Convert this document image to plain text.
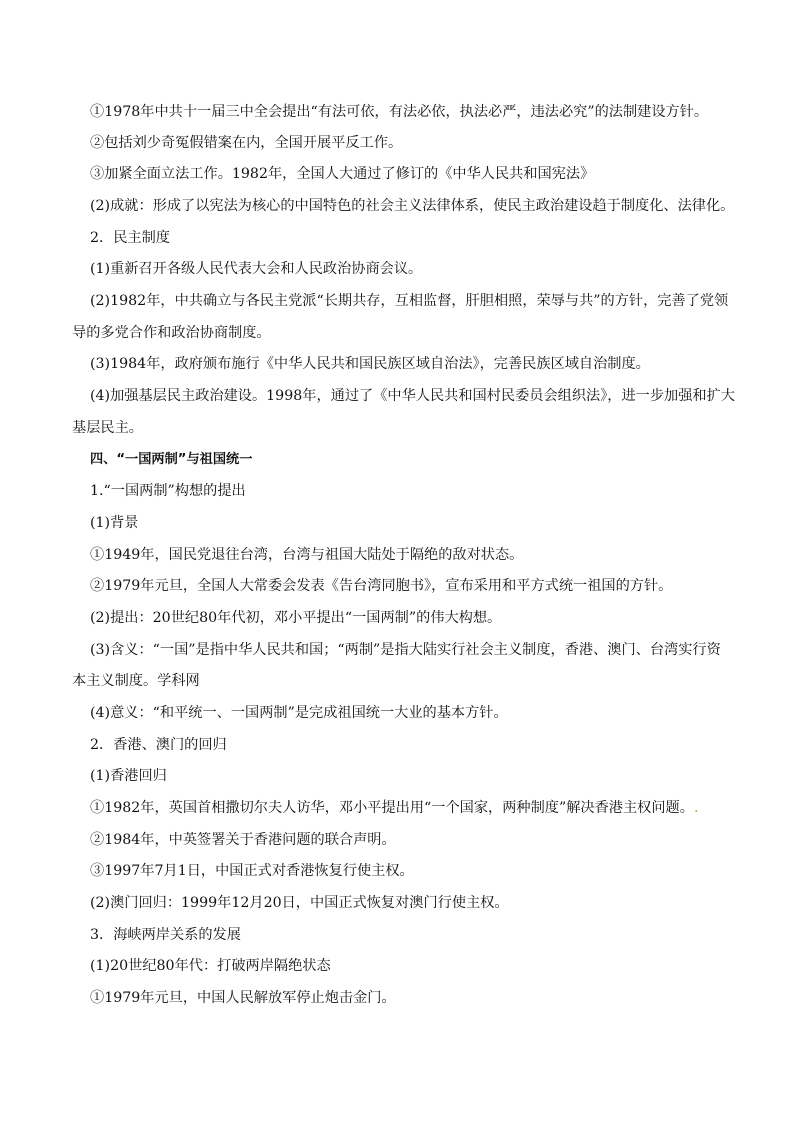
①1978年中共十一届三中全会提出“有法可依，有法必依，执法必严，违法必究”的法制建设方针。
②包括刘少奇冤假错案在内，全国开展平反工作。
③加紧全面立法工作。1982年，全国人大通过了修订的《中华人民共和国宪法》
(2)成就：形成了以宪法为核心的中国特色的社会主义法律体系，使民主政治建设趋于制度化、法律化。
2．民主制度
(1)重新召开各级人民代表大会和人民政治协商会议。
(2)1982年，中共确立与各民主党派“长期共存，互相监督，肝胆相照，荣辱与共”的方针，完善了党领
导的多党合作和政治协商制度。
(3)1984年，政府颁布施行《中华人民共和国民族区域自治法》，完善民族区域自治制度。
(4)加强基层民主政治建设。1998年，通过了《中华人民共和国村民委员会组织法》，进一步加强和扩大
基层民主。
四、“一国两制”与祖国统一
1.“一国两制”构想的提出
(1)背景
①1949年，国民党退往台湾，台湾与祖国大陆处于隔绝的敌对状态。
②1979年元旦，全国人大常委会发表《告台湾同胞书》，宣布采用和平方式统一祖国的方针。
(2)提出：20世纪80年代初，邓小平提出“一国两制”的伟大构想。
(3)含义：“一国”是指中华人民共和国；“两制”是指大陆实行社会主义制度，香港、澳门、台湾实行资
本主义制度。学科网
(4)意义：“和平统一、一国两制”是完成祖国统一大业的基本方针。
2．香港、澳门的回归
(1)香港回归
①1982年，英国首相撒切尔夫人访华，邓小平提出用“一个国家，两种制度”解决香港主权问题。.
②1984年，中英签署关于香港问题的联合声明。
③1997年7月1日，中国正式对香港恢复行使主权。
(2)澳门回归：1999年12月20日，中国正式恢复对澳门行使主权。
3．海峡两岸关系的发展
(1)20世纪80年代：打破两岸隔绝状态
①1979年元旦，中国人民解放军停止炮击金门。
